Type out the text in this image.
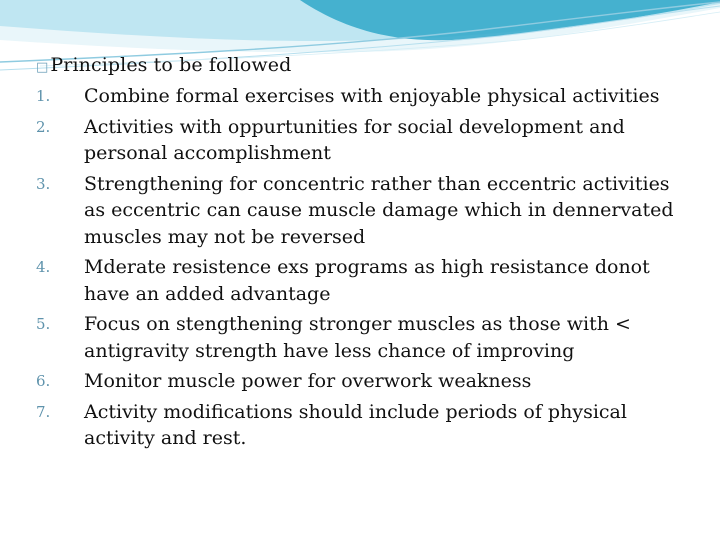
□ Principles to be followed

1.	Combine formal exercises with enjoyable physical activities
2.	Activities with oppurtunities for social development and personal accomplishment
3.	Strengthening for concentric rather than eccentric activities as eccentric can cause muscle damage which in dennervated muscles may not be reversed
4.	Mderate resistence exs programs as high resistance donot have an added advantage
5.	Focus on stengthening stronger muscles as those with < antigravity strength have less chance of improving
6.	Monitor muscle power for overwork weakness
7.	Activity modifications should include periods of physical activity and rest.
